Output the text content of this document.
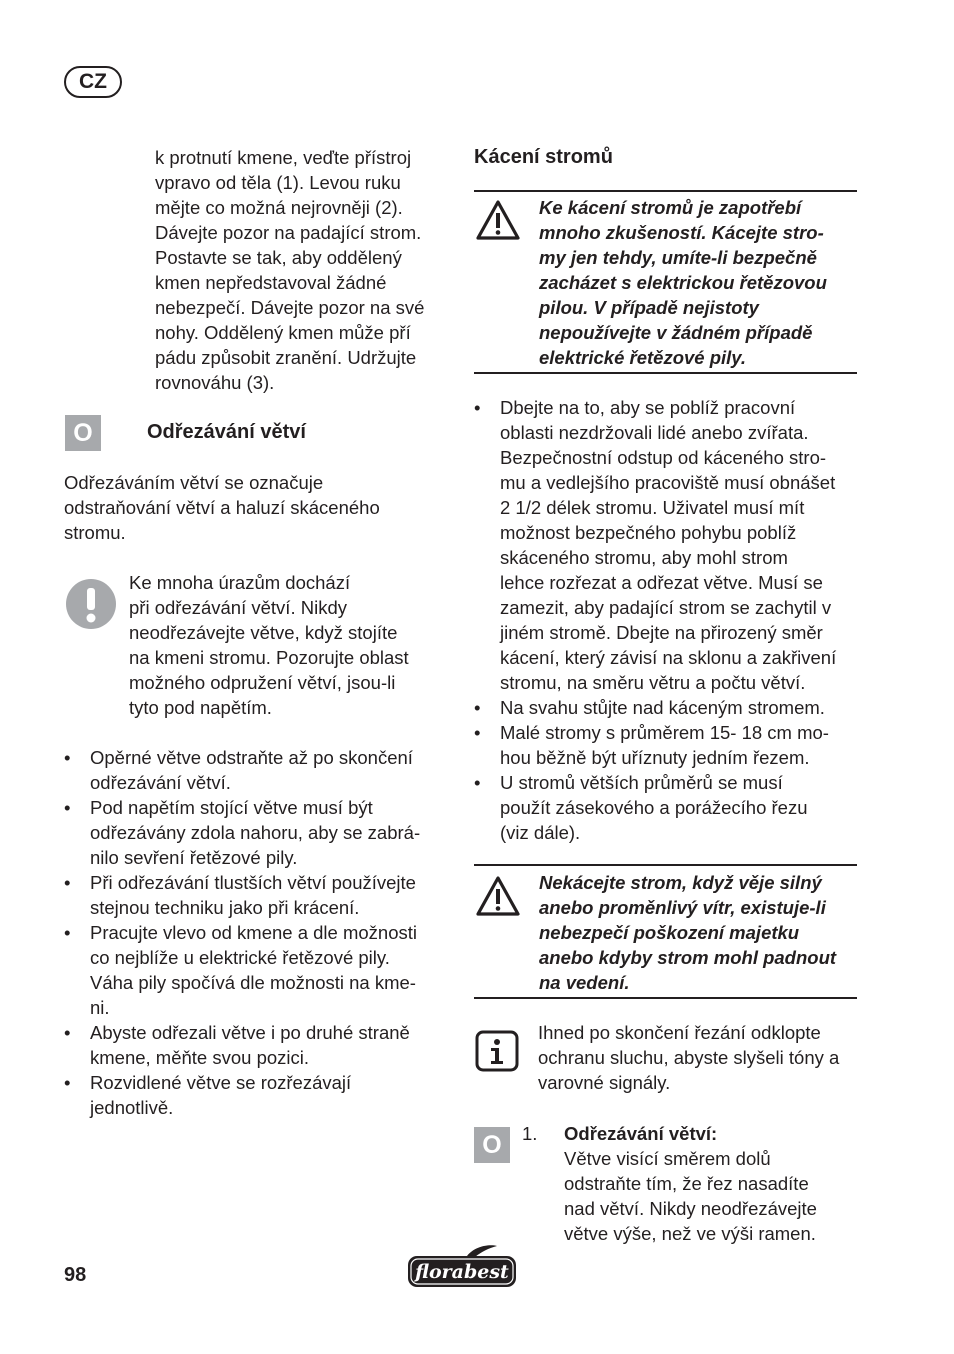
CZ
k protnutí kmene, veďte přístroj
vpravo od těla (1). Levou ruku
mějte co možná nejrovněji (2).
Dávejte pozor na padající strom.
Postavte se tak, aby oddělený
kmen nepředstavoval žádné
nebezpečí. Dávejte pozor na své
nohy. Oddělený kmen může pří
pádu způsobit zranění. Udržujte
rovnováhu (3).
O	Odřezávání větví
Odřezáváním větví se označuje
odstraňování větví a haluzí skáceného
stromu.
Ke mnoha úrazům dochází
při odřezávání větví. Nikdy
neodřezávejte větve, když stojíte
na kmeni stromu. Pozorujte oblast
možného odpružení větví, jsou-li
tyto pod napětím.
• Opěrné větve odstraňte až po skončení
odřezávání větví.
• Pod napětím stojící větve musí být
odřezávány zdola nahoru, aby se zabrá-
nilo sevření řetězové pily.
• Při odřezávání tlustších větví používejte
stejnou techniku jako při krácení.
• Pracujte vlevo od kmene a dle možnosti
co nejblíže u elektrické řetězové pily.
Váha pily spočívá dle možnosti na kme-
ni.
• Abyste odřezali větve i po druhé straně
kmene, měňte svou pozici.
• Rozvidlené větve se rozřezávají
jednotlivě.
Kácení stromů
Ke kácení stromů je zapotřebí
mnoho zkušeností. Kácejte stro-
my jen tehdy, umíte-li bezpečně
zacházet s elektrickou řetězovou
pilou. V případě nejistoty
nepoužívejte v žádném případě
elektrické řetězové pily.
• Dbejte na to, aby se poblíž pracovní
oblasti nezdržovali lidé anebo zvířata.
Bezpečnostní odstup od káceného stro-
mu a vedlejšího pracoviště musí obnášet
2 1/2 délek stromu. Uživatel musí mít
možnost bezpečného pohybu poblíž
skáceného stromu, aby mohl strom
lehce rozřezat a odřezat větve. Musí se
zamezit, aby padající strom se zachytil v
jiném stromě. Dbejte na přirozený směr
kácení, který závisí na sklonu a zakřivení
stromu, na směru větru a počtu větví.
• Na svahu stůjte nad káceným stromem.
• Malé stromy s průměrem 15- 18 cm mo-
hou běžně být uříznuty jedním řezem.
• U stromů větších průměrů se musí
použít zásekového a porážecího řezu
(viz dále).
Nekácejte strom, když věje silný
anebo proměnlivý vítr, existuje-li
nebezpečí poškození majetku
anebo kdyby strom mohl padnout
na vedení.
Ihned po skončení řezání odklopte
ochranu sluchu, abyste slyšeli tóny a
varovné signály.
O 1. Odřezávání větví:
Větve visící směrem dolů
odstraňte tím, že řez nasadíte
nad větví. Nikdy neodřezávejte
větve výše, než ve výši ramen.
98	florabest
